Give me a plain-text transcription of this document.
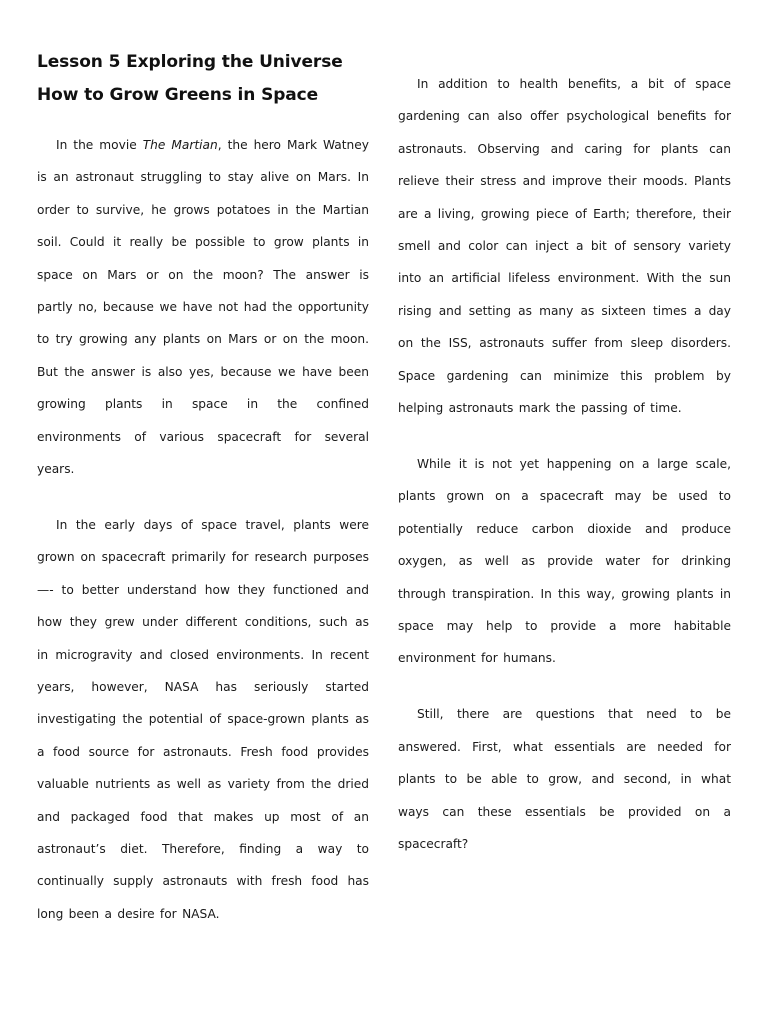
Lesson 5 Exploring the Universe
How to Grow Greens in Space

In the movie The Martian, the hero Mark Watney is an astronaut struggling to stay alive on Mars. In order to survive, he grows potatoes in the Martian soil. Could it really be possible to grow plants in space on Mars or on the moon? The answer is partly no, because we have not had the opportunity to try growing any plants on Mars or on the moon. But the answer is also yes, because we have been growing plants in space in the confined environments of various spacecraft for several years.

In the early days of space travel, plants were grown on spacecraft primarily for research purposes —- to better understand how they functioned and how they grew under different conditions, such as in microgravity and closed environments. In recent years, however, NASA has seriously started investigating the potential of space-grown plants as a food source for astronauts. Fresh food provides valuable nutrients as well as variety from the dried and packaged food that makes up most of an astronaut’s diet. Therefore, finding a way to continually supply astronauts with fresh food has long been a desire for NASA.

In addition to health benefits, a bit of space gardening can also offer psychological benefits for astronauts. Observing and caring for plants can relieve their stress and improve their moods. Plants are a living, growing piece of Earth; therefore, their smell and color can inject a bit of sensory variety into an artificial lifeless environment. With the sun rising and setting as many as sixteen times a day on the ISS, astronauts suffer from sleep disorders. Space gardening can minimize this problem by helping astronauts mark the passing of time.

While it is not yet happening on a large scale, plants grown on a spacecraft may be used to potentially reduce carbon dioxide and produce oxygen, as well as provide water for drinking through transpiration. In this way, growing plants in space may help to provide a more habitable environment for humans.

Still, there are questions that need to be answered. First, what essentials are needed for plants to be able to grow, and second, in what ways can these essentials be provided on a spacecraft?
